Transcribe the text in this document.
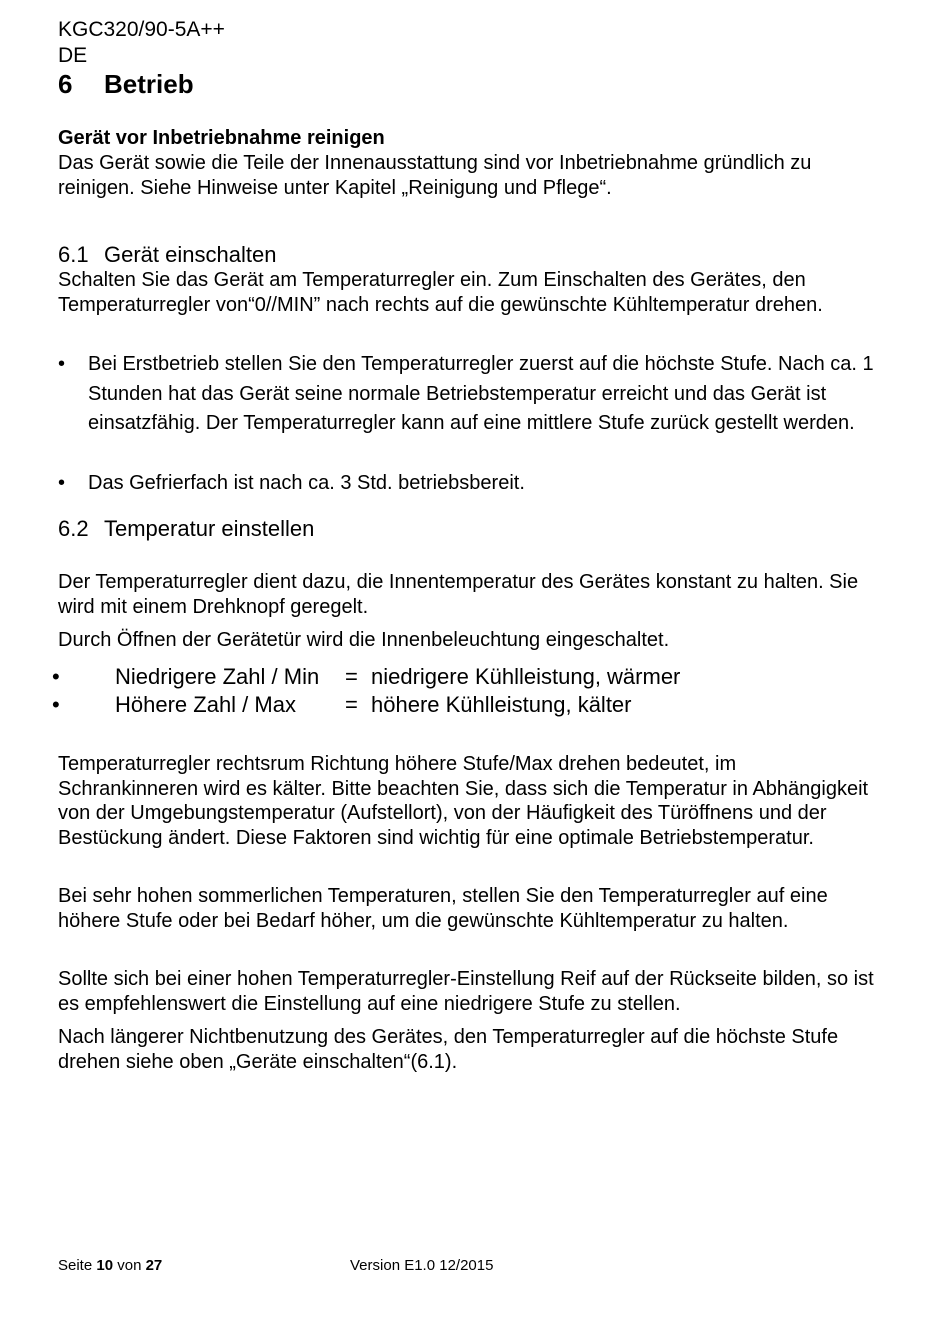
KGC320/90-5A++
DE
6 Betrieb
Gerät vor Inbetriebnahme reinigen
Das Gerät sowie die Teile der Innenausstattung sind vor Inbetriebnahme gründlich zu reinigen. Siehe Hinweise unter Kapitel „Reinigung und Pflege“.
6.1 Gerät einschalten
Schalten Sie das Gerät am Temperaturregler ein. Zum Einschalten des Gerätes, den Temperaturregler von“0//MIN” nach rechts auf die gewünschte Kühltemperatur drehen.
• Bei Erstbetrieb stellen Sie den Temperaturregler zuerst auf die höchste Stufe. Nach ca. 1 Stunden hat das Gerät seine normale Betriebstemperatur erreicht und das Gerät ist einsatzfähig. Der Temperaturregler kann auf eine mittlere Stufe zurück gestellt werden.
• Das Gefrierfach ist nach ca. 3 Std. betriebsbereit.
6.2 Temperatur einstellen
Der Temperaturregler dient dazu, die Innentemperatur des Gerätes konstant zu halten. Sie wird mit einem Drehknopf geregelt.
Durch Öffnen der Gerätetür wird die Innenbeleuchtung eingeschaltet.
•	Niedrigere Zahl / Min = niedrigere Kühlleistung, wärmer
•	Höhere Zahl / Max = höhere Kühlleistung, kälter
Temperaturregler rechtsrum Richtung höhere Stufe/Max drehen bedeutet, im Schrankinneren wird es kälter. Bitte beachten Sie, dass sich die Temperatur in Abhängigkeit von der Umgebungstemperatur (Aufstellort), von der Häufigkeit des Türöffnens und der Bestückung ändert. Diese Faktoren sind wichtig für eine optimale Betriebstemperatur.
Bei sehr hohen sommerlichen Temperaturen, stellen Sie den Temperaturregler auf eine höhere Stufe oder bei Bedarf höher, um die gewünschte Kühltemperatur zu halten.
Sollte sich bei einer hohen Temperaturregler-Einstellung Reif auf der Rückseite bilden, so ist es empfehlenswert die Einstellung auf eine niedrigere Stufe zu stellen.
Nach längerer Nichtbenutzung des Gerätes, den Temperaturregler auf die höchste Stufe drehen siehe oben „Geräte einschalten“(6.1).
Seite 10 von 27	Version E1.0 12/2015
